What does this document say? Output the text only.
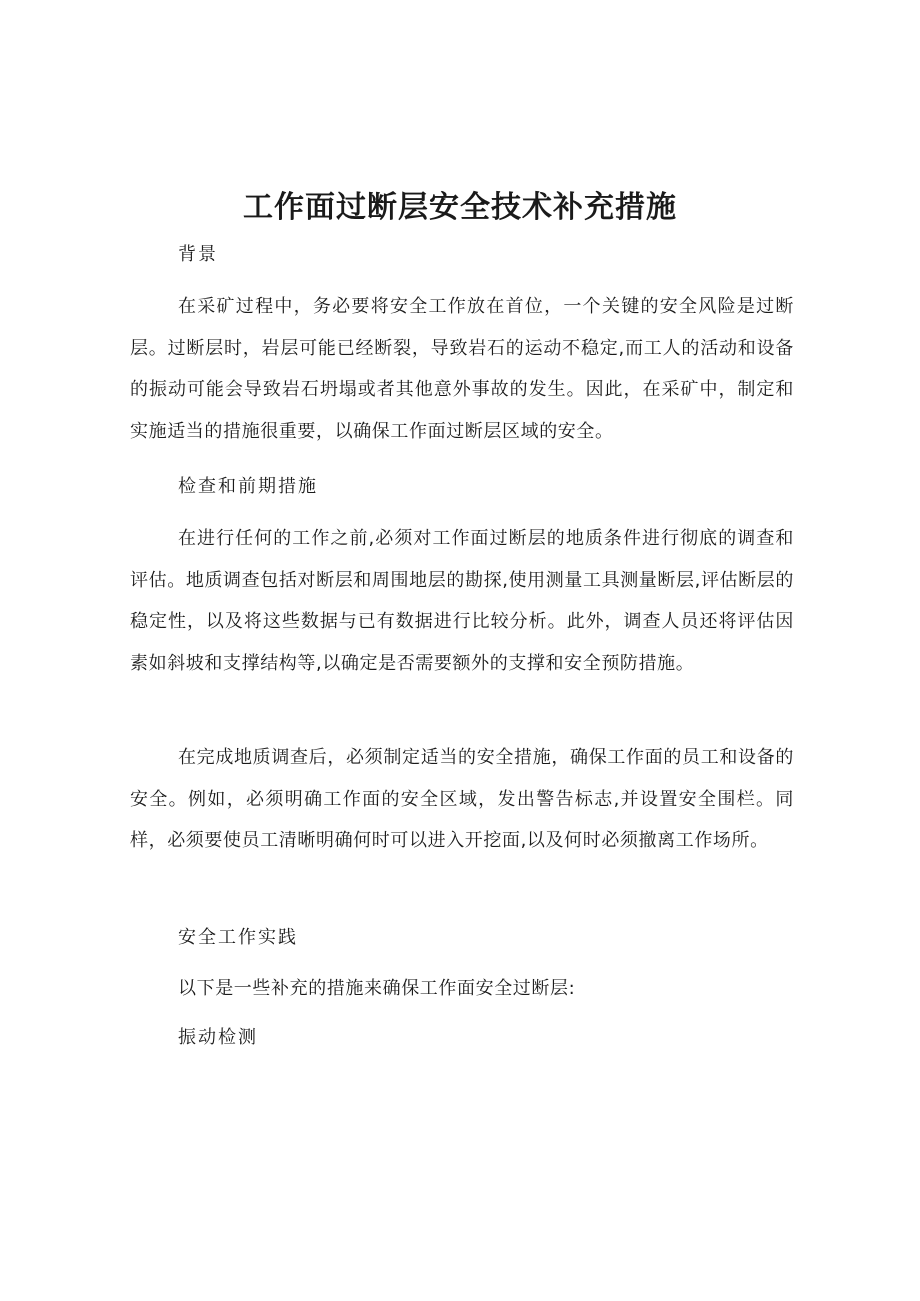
工作面过断层安全技术补充措施
背景

在采矿过程中，务必要将安全工作放在首位，一个关键的安全风险是过断层。过断层时，岩层可能已经断裂，导致岩石的运动不稳定,而工人的活动和设备的振动可能会导致岩石坍塌或者其他意外事故的发生。因此，在采矿中，制定和实施适当的措施很重要，以确保工作面过断层区域的安全。

检查和前期措施

在进行任何的工作之前,必须对工作面过断层的地质条件进行彻底的调查和评估。地质调查包括对断层和周围地层的勘探,使用测量工具测量断层,评估断层的稳定性，以及将这些数据与已有数据进行比较分析。此外，调查人员还将评估因素如斜坡和支撑结构等,以确定是否需要额外的支撑和安全预防措施。

在完成地质调查后，必须制定适当的安全措施，确保工作面的员工和设备的安全。例如，必须明确工作面的安全区域，发出警告标志,并设置安全围栏。同样，必须要使员工清晰明确何时可以进入开挖面,以及何时必须撤离工作场所。

安全工作实践

以下是一些补充的措施来确保工作面安全过断层:

振动检测
